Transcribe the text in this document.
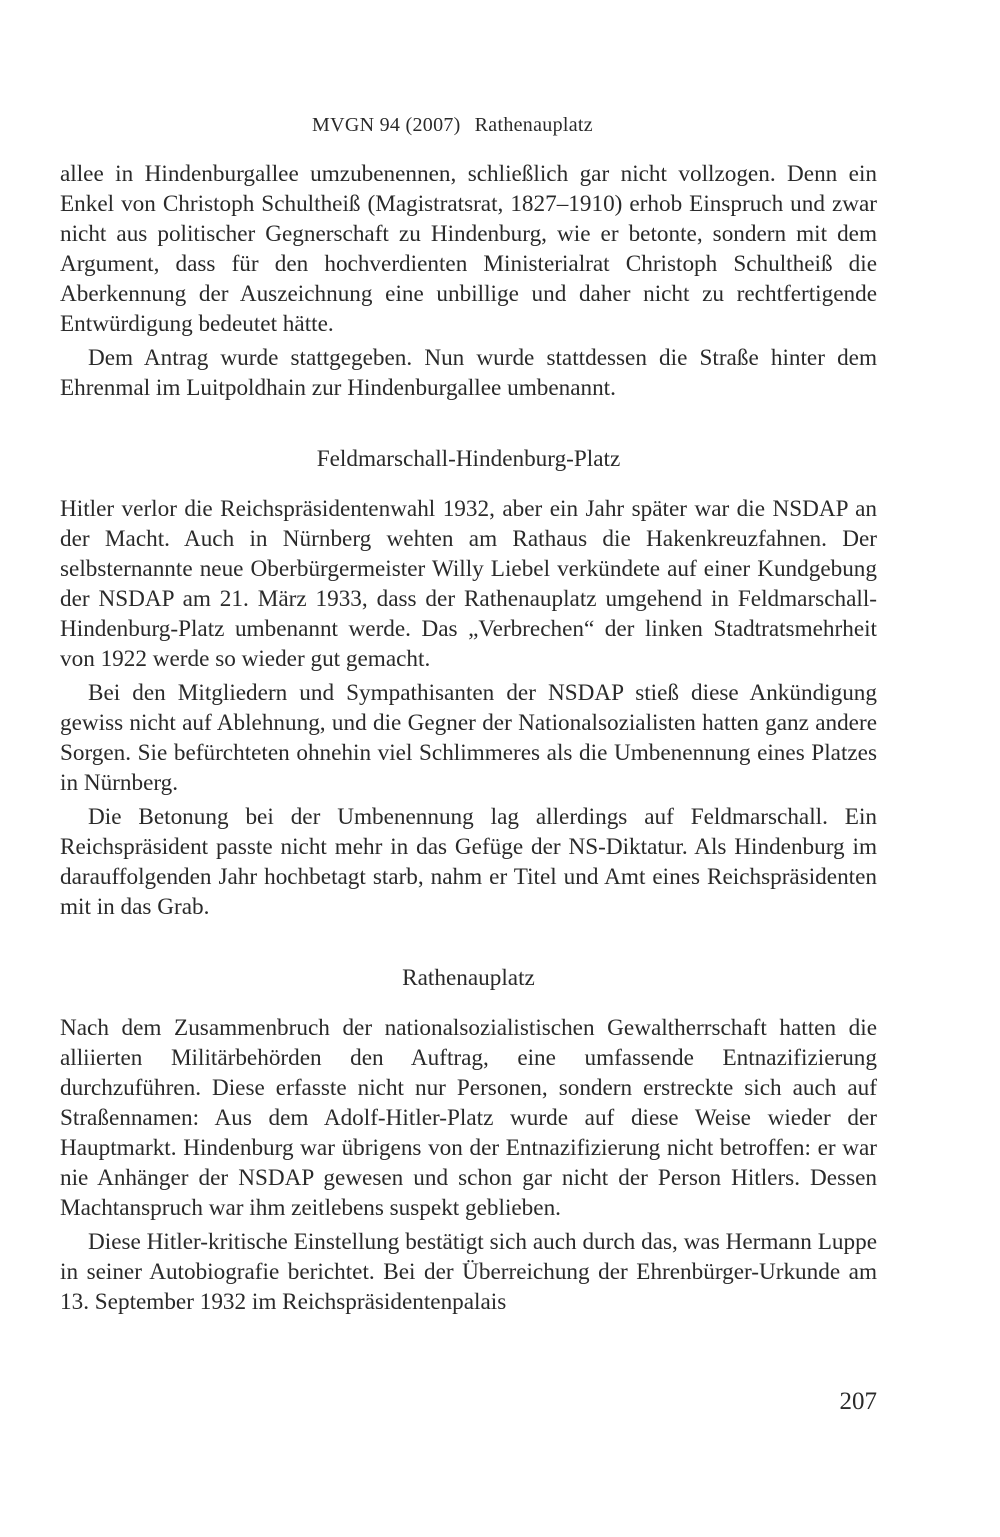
MVGN 94 (2007) Rathenauplatz

allee in Hindenburgallee umzubenennen, schließlich gar nicht vollzogen. Denn ein Enkel von Christoph Schultheiß (Magistratsrat, 1827–1910) erhob Einspruch und zwar nicht aus politischer Gegnerschaft zu Hindenburg, wie er betonte, sondern mit dem Argument, dass für den hochverdienten Ministerialrat Christoph Schultheiß die Aberkennung der Auszeichnung eine unbillige und daher nicht zu rechtfertigende Entwürdigung bedeutet hätte.

Dem Antrag wurde stattgegeben. Nun wurde stattdessen die Straße hinter dem Ehrenmal im Luitpoldhain zur Hindenburgallee umbenannt.

Feldmarschall-Hindenburg-Platz

Hitler verlor die Reichspräsidentenwahl 1932, aber ein Jahr später war die NSDAP an der Macht. Auch in Nürnberg wehten am Rathaus die Hakenkreuzfahnen. Der selbsternannte neue Oberbürgermeister Willy Liebel verkündete auf einer Kundgebung der NSDAP am 21. März 1933, dass der Rathenauplatz umgehend in Feldmarschall-Hindenburg-Platz umbenannt werde. Das „Verbrechen“ der linken Stadtratsmehrheit von 1922 werde so wieder gut gemacht.

Bei den Mitgliedern und Sympathisanten der NSDAP stieß diese Ankündigung gewiss nicht auf Ablehnung, und die Gegner der Nationalsozialisten hatten ganz andere Sorgen. Sie befürchteten ohnehin viel Schlimmeres als die Umbenennung eines Platzes in Nürnberg.

Die Betonung bei der Umbenennung lag allerdings auf Feldmarschall. Ein Reichspräsident passte nicht mehr in das Gefüge der NS-Diktatur. Als Hindenburg im darauffolgenden Jahr hochbetagt starb, nahm er Titel und Amt eines Reichspräsidenten mit in das Grab.

Rathenauplatz

Nach dem Zusammenbruch der nationalsozialistischen Gewaltherrschaft hatten die alliierten Militärbehörden den Auftrag, eine umfassende Entnazifizierung durchzuführen. Diese erfasste nicht nur Personen, sondern erstreckte sich auch auf Straßennamen: Aus dem Adolf-Hitler-Platz wurde auf diese Weise wieder der Hauptmarkt. Hindenburg war übrigens von der Entnazifizierung nicht betroffen: er war nie Anhänger der NSDAP gewesen und schon gar nicht der Person Hitlers. Dessen Machtanspruch war ihm zeitlebens suspekt geblieben.

Diese Hitler-kritische Einstellung bestätigt sich auch durch das, was Hermann Luppe in seiner Autobiografie berichtet. Bei der Überreichung der Ehrenbürger-Urkunde am 13. September 1932 im Reichspräsidentenpalais

207
